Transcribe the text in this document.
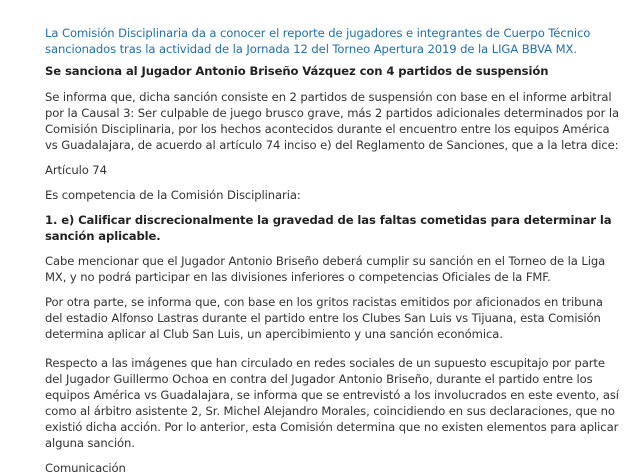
La Comisión Disciplinaria da a conocer el reporte de jugadores e integrantes de Cuerpo Técnico sancionados tras la actividad de la Jornada 12 del Torneo Apertura 2019 de la LIGA BBVA MX.

Se sanciona al Jugador Antonio Briseño Vázquez con 4 partidos de suspensión

Se informa que, dicha sanción consiste en 2 partidos de suspensión con base en el informe arbitral por la Causal 3: Ser culpable de juego brusco grave, más 2 partidos adicionales determinados por la Comisión Disciplinaria, por los hechos acontecidos durante el encuentro entre los equipos América vs Guadalajara, de acuerdo al artículo 74 inciso e) del Reglamento de Sanciones, que a la letra dice:

Artículo 74

Es competencia de la Comisión Disciplinaria:

1. e) Calificar discrecionalmente la gravedad de las faltas cometidas para determinar la sanción aplicable.

Cabe mencionar que el Jugador Antonio Briseño deberá cumplir su sanción en el Torneo de la Liga MX, y no podrá participar en las divisiones inferiores o competencias Oficiales de la FMF.

Por otra parte, se informa que, con base en los gritos racistas emitidos por aficionados en tribuna del estadio Alfonso Lastras durante el partido entre los Clubes San Luis vs Tijuana, esta Comisión determina aplicar al Club San Luis, un apercibimiento y una sanción económica.

Respecto a las imágenes que han circulado en redes sociales de un supuesto escupitajo por parte del Jugador Guillermo Ochoa en contra del Jugador Antonio Briseño, durante el partido entre los equipos América vs Guadalajara, se informa que se entrevistó a los involucrados en este evento, así como al árbitro asistente 2, Sr. Michel Alejandro Morales, coincidiendo en sus declaraciones, que no existió dicha acción. Por lo anterior, esta Comisión determina que no existen elementos para aplicar alguna sanción.

Comunicación
